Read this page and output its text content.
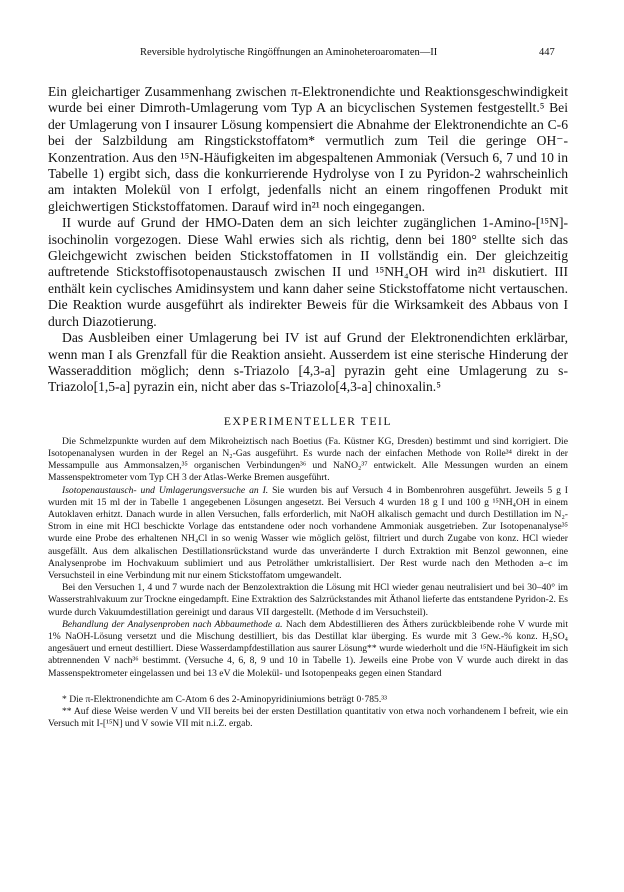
Reversible hydrolytische Ringöffnungen an Aminoheteroaromaten—II	447

Ein gleichartiger Zusammenhang zwischen π-Elektronendichte und Reaktionsgeschwindigkeit wurde bei einer Dimroth-Umlagerung vom Typ A an bicyclischen Systemen festgestellt.⁵ Bei der Umlagerung von I insaurer Lösung kompensiert die Abnahme der Elektronendichte an C-6 bei der Salzbildung am Ringstickstoffatom* vermutlich zum Teil die geringe OH⁻-Konzentration. Aus den ¹⁵N-Häufigkeiten im abgespaltenen Ammoniak (Versuch 6, 7 und 10 in Tabelle 1) ergibt sich, dass die konkurrierende Hydrolyse von I zu Pyridon-2 wahrscheinlich am intakten Molekül von I erfolgt, jedenfalls nicht an einem ringoffenen Produkt mit gleichwertigen Stickstoffatomen. Darauf wird in²¹ noch eingegangen.

II wurde auf Grund der HMO-Daten dem an sich leichter zugänglichen 1-Amino-[¹⁵N]-isochinolin vorgezogen. Diese Wahl erwies sich als richtig, denn bei 180° stellte sich das Gleichgewicht zwischen beiden Stickstoffatomen in II vollständig ein. Der gleichzeitig auftretende Stickstoffisotopenaustausch zwischen II und ¹⁵NH₄OH wird in²¹ diskutiert. III enthält kein cyclisches Amidinsystem und kann daher seine Stickstoffatome nicht vertauschen. Die Reaktion wurde ausgeführt als indirekter Beweis für die Wirksamkeit des Abbaus von I durch Diazotierung.

Das Ausbleiben einer Umlagerung bei IV ist auf Grund der Elektronendichten erklärbar, wenn man I als Grenzfall für die Reaktion ansieht. Ausserdem ist eine sterische Hinderung der Wasseraddition möglich; denn s-Triazolo [4,3-a] pyrazin geht eine Umlagerung zu s-Triazolo[1,5-a] pyrazin ein, nicht aber das s-Triazolo[4,3-a] chinoxalin.⁵

EXPERIMENTELLER TEIL

Die Schmelzpunkte wurden auf dem Mikroheiztisch nach Boetius (Fa. Küstner KG, Dresden) bestimmt und sind korrigiert. Die Isotopenanalysen wurden in der Regel an N₂-Gas ausgeführt. Es wurde nach der einfachen Methode von Rolle³⁴ direkt in der Messampulle aus Ammonsalzen,³⁵ organischen Verbindungen³⁶ und NaNO₂³⁷ entwickelt. Alle Messungen wurden an einem Massenspektrometer vom Typ CH 3 der Atlas-Werke Bremen ausgeführt.

Isotopenaustausch- und Umlagerungsversuche an I. Sie wurden bis auf Versuch 4 in Bombenrohren ausgeführt. Jeweils 5 g I wurden mit 15 ml der in Tabelle 1 angegebenen Lösungen angesetzt. Bei Versuch 4 wurden 18 g I und 100 g ¹⁵NH₄OH in einem Autoklaven erhitzt. Danach wurde in allen Versuchen, falls erforderlich, mit NaOH alkalisch gemacht und durch Destillation im N₂-Strom in eine mit HCl beschickte Vorlage das entstandene oder noch vorhandene Ammoniak ausgetrieben. Zur Isotopenanalyse³⁵ wurde eine Probe des erhaltenen NH₄Cl in so wenig Wasser wie möglich gelöst, filtriert und durch Zugabe von konz. HCl wieder ausgefällt. Aus dem alkalischen Destillationsrückstand wurde das unveränderte I durch Extraktion mit Benzol gewonnen, eine Analysenprobe im Hochvakuum sublimiert und aus Petroläther umkristallisiert. Der Rest wurde nach den Methoden a–c im Versuchsteil in eine Verbindung mit nur einem Stickstoffatom umgewandelt.

Bei den Versuchen 1, 4 und 7 wurde nach der Benzolextraktion die Lösung mit HCl wieder genau neutralisiert und bei 30–40° im Wasserstrahlvakuum zur Trockne eingedampft. Eine Extraktion des Salzrückstandes mit Äthanol lieferte das entstandene Pyridon-2. Es wurde durch Vakuumdestillation gereinigt und daraus VII dargestellt. (Methode d im Versuchsteil).

Behandlung der Analysenproben nach Abbaumethode a. Nach dem Abdestillieren des Äthers zurückbleibende rohe V wurde mit 1% NaOH-Lösung versetzt und die Mischung destilliert, bis das Destillat klar überging. Es wurde mit 3 Gew.-% konz. H₂SO₄ angesäuert und erneut destilliert. Diese Wasserdampfdestillation aus saurer Lösung** wurde wiederholt und die ¹⁵N-Häufigkeit im sich abtrennenden V nach³⁶ bestimmt. (Versuche 4, 6, 8, 9 und 10 in Tabelle 1). Jeweils eine Probe von V wurde auch direkt in das Massenspektrometer eingelassen und bei 13 eV die Molekül- und Isotopenpeaks gegen einen Standard

* Die π-Elektronendichte am C-Atom 6 des 2-Aminopyridiniumions beträgt 0·785.³³

** Auf diese Weise werden V und VII bereits bei der ersten Destillation quantitativ von etwa noch vorhandenem I befreit, wie ein Versuch mit I-[¹⁵N] und V sowie VII mit n.i.Z. ergab.
